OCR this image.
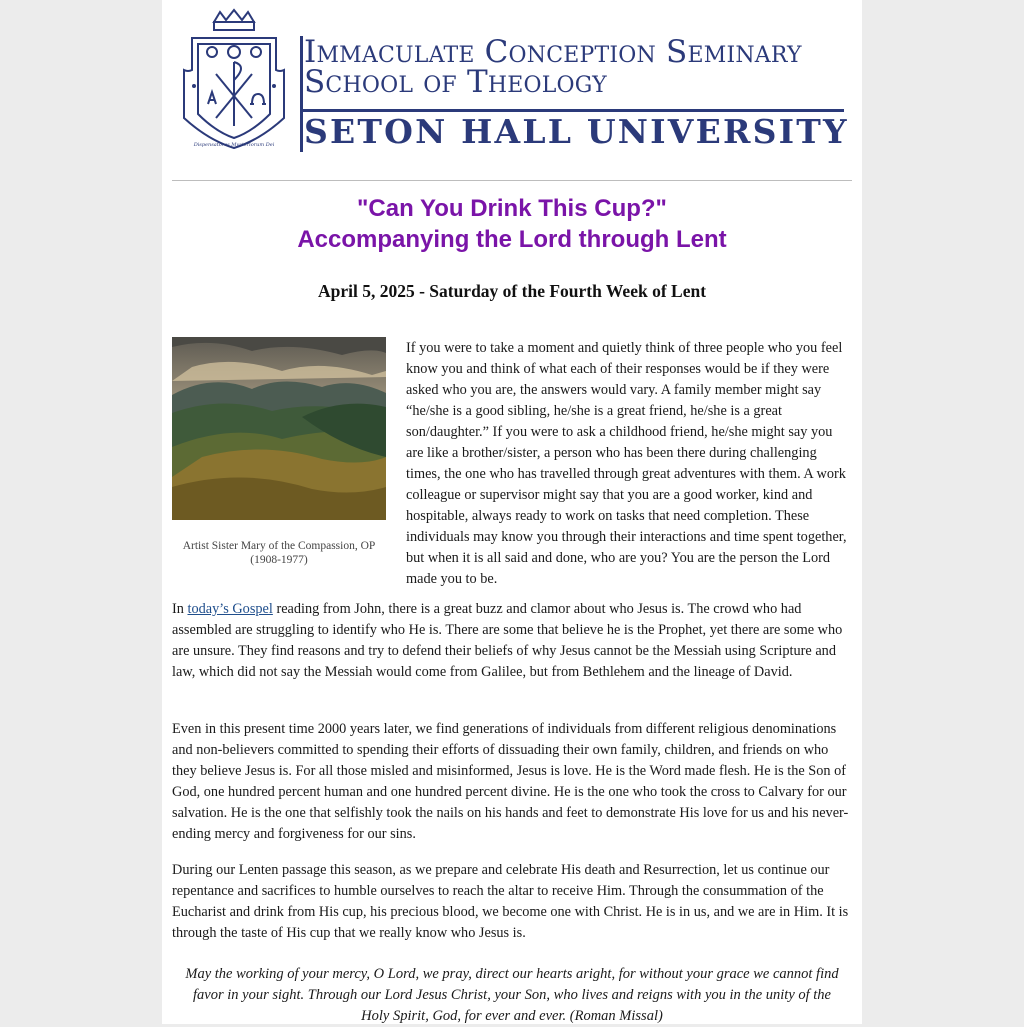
Dispensatores Mysteriorum Dei
Immaculate Conception Seminary
School of Theology
SETON HALL UNIVERSITY
"Can You Drink This Cup?"
Accompanying the Lord through Lent
April 5, 2025 - Saturday of the Fourth Week of Lent
Artist Sister Mary of the Compassion, OP
(1908-1977)

If you were to take a moment and quietly think of three people who you feel know you and think of what each of their responses would be if they were asked who you are, the answers would vary. A family member might say “he/she is a good sibling, he/she is a great friend, he/she is a great son/daughter.” If you were to ask a childhood friend, he/she might say you are like a brother/sister, a person who has been there during challenging times, the one who has travelled through great adventures with them. A work colleague or supervisor might say that you are a good worker, kind and hospitable, always ready to work on tasks that need completion. These individuals may know you through their interactions and time spent together, but when it is all said and done, who are you? You are the person the Lord made you to be.

In today’s Gospel reading from John, there is a great buzz and clamor about who Jesus is. The crowd who had assembled are struggling to identify who He is. There are some that believe he is the Prophet, yet there are some who are unsure. They find reasons and try to defend their beliefs of why Jesus cannot be the Messiah using Scripture and law, which did not say the Messiah would come from Galilee, but from Bethlehem and the lineage of David.

Even in this present time 2000 years later, we find generations of individuals from different religious denominations and non-believers committed to spending their efforts of dissuading their own family, children, and friends on who they believe Jesus is. For all those misled and misinformed, Jesus is love. He is the Word made flesh. He is the Son of God, one hundred percent human and one hundred percent divine. He is the one who took the cross to Calvary for our salvation. He is the one that selfishly took the nails on his hands and feet to demonstrate His love for us and his never-ending mercy and forgiveness for our sins.

During our Lenten passage this season, as we prepare and celebrate His death and Resurrection, let us continue our repentance and sacrifices to humble ourselves to reach the altar to receive Him. Through the consummation of the Eucharist and drink from His cup, his precious blood, we become one with Christ. He is in us, and we are in Him. It is through the taste of His cup that we really know who Jesus is.

May the working of your mercy, O Lord, we pray, direct our hearts aright, for without your grace we cannot find favor in your sight. Through our Lord Jesus Christ, your Son, who lives and reigns with you in the unity of the Holy Spirit, God, for ever and ever. (Roman Missal)
